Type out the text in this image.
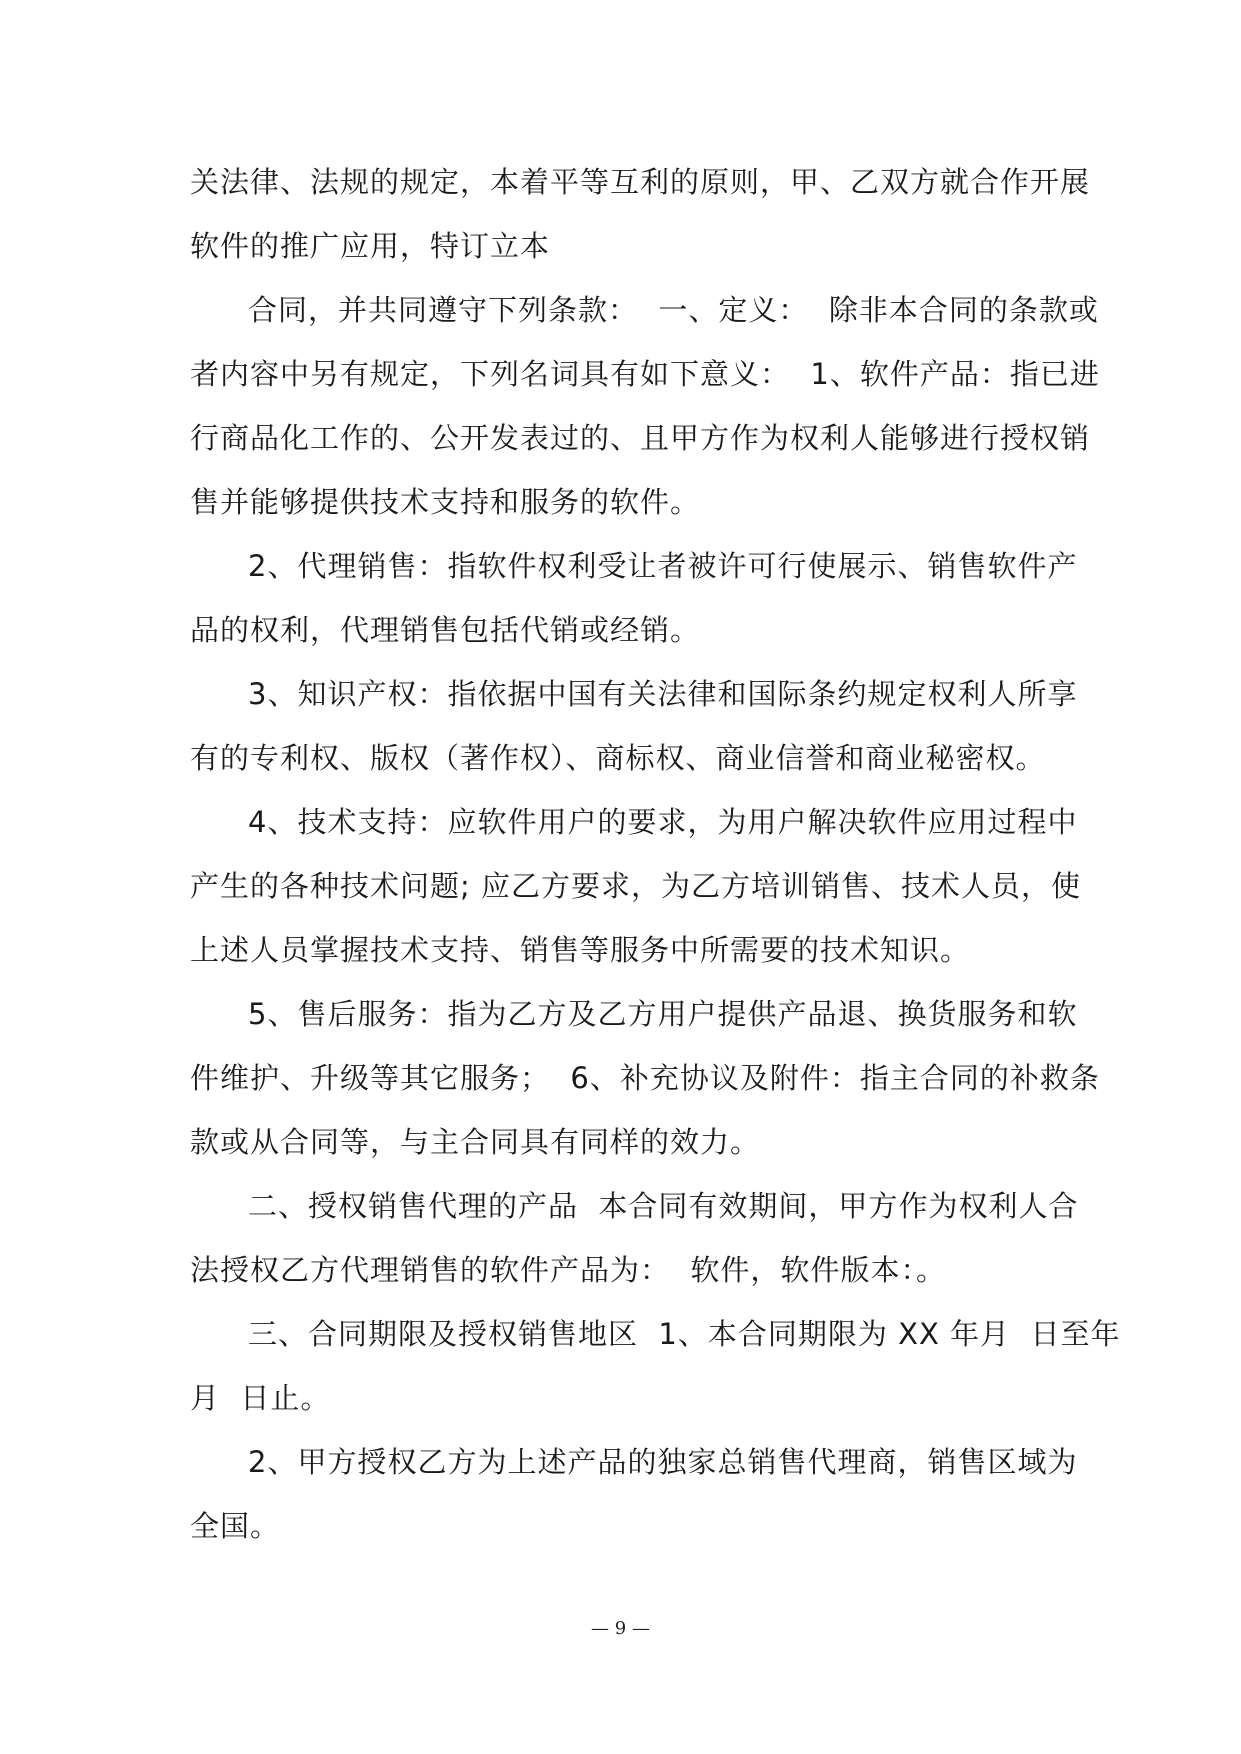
关法律、法规的规定，本着平等互利的原则，甲、乙双方就合作开展
软件的推广应用，特订立本
合同，并共同遵守下列条款：  一、定义：  除非本合同的条款或
者内容中另有规定，下列名词具有如下意义：  1、软件产品：指已进
行商品化工作的、公开发表过的、且甲方作为权利人能够进行授权销
售并能够提供技术支持和服务的软件。
2、代理销售：指软件权利受让者被许可行使展示、销售软件产
品的权利，代理销售包括代销或经销。
3、知识产权：指依据中国有关法律和国际条约规定权利人所享
有的专利权、版权（著作权）、商标权、商业信誉和商业秘密权。
4、技术支持：应软件用户的要求，为用户解决软件应用过程中
产生的各种技术问题; 应乙方要求，为乙方培训销售、技术人员，使
上述人员掌握技术支持、销售等服务中所需要的技术知识。
5、售后服务：指为乙方及乙方用户提供产品退、换货服务和软
件维护、升级等其它服务；  6、补充协议及附件：指主合同的补救条
款或从合同等，与主合同具有同样的效力。
二、授权销售代理的产品  本合同有效期间，甲方作为权利人合
法授权乙方代理销售的软件产品为：  软件，软件版本：。
三、合同期限及授权销售地区  1、本合同期限为 XX 年月  日至年
月  日止。
2、甲方授权乙方为上述产品的独家总销售代理商，销售区域为
全国。
— 9 —
